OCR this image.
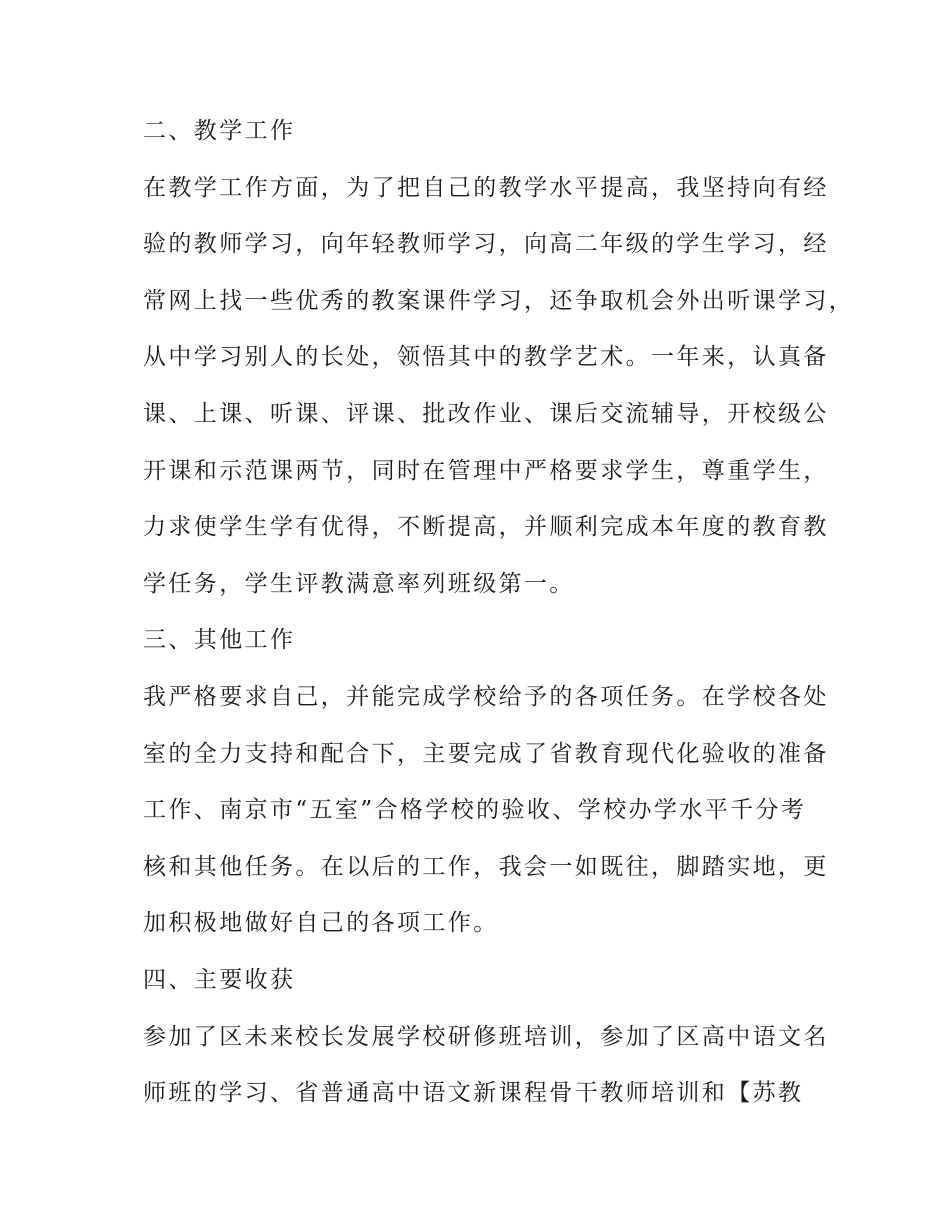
二、教学工作
在教学工作方面，为了把自己的教学水平提高，我坚持向有经
验的教师学习，向年轻教师学习，向高二年级的学生学习，经
常网上找一些优秀的教案课件学习，还争取机会外出听课学习，
从中学习别人的长处，领悟其中的教学艺术。一年来，认真备
课、上课、听课、评课、批改作业、课后交流辅导，开校级公
开课和示范课两节，同时在管理中严格要求学生，尊重学生，
力求使学生学有优得，不断提高，并顺利完成本年度的教育教
学任务，学生评教满意率列班级第一。
三、其他工作
我严格要求自己，并能完成学校给予的各项任务。在学校各处
室的全力支持和配合下，主要完成了省教育现代化验收的准备
工作、南京市“五室”合格学校的验收、学校办学水平千分考
核和其他任务。在以后的工作，我会一如既往，脚踏实地，更
加积极地做好自己的各项工作。
四、主要收获
参加了区未来校长发展学校研修班培训，参加了区高中语文名
师班的学习、省普通高中语文新课程骨干教师培训和【苏教
